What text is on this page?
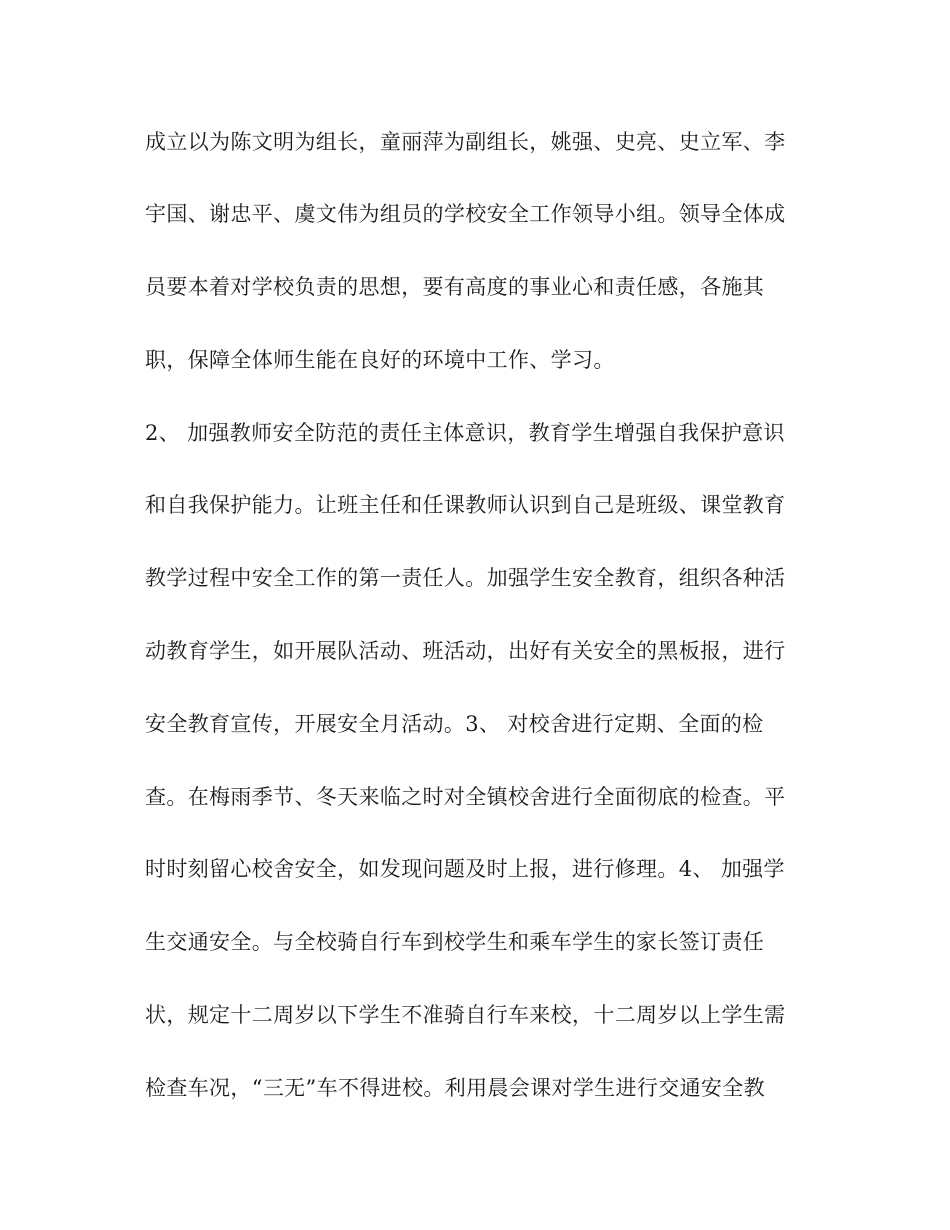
成立以为陈文明为组长，童丽萍为副组长，姚强、史亮、史立军、李
宇国、谢忠平、虞文伟为组员的学校安全工作领导小组。领导全体成
员要本着对学校负责的思想，要有高度的事业心和责任感，各施其
职，保障全体师生能在良好的环境中工作、学习。
2、 加强教师安全防范的责任主体意识，教育学生增强自我保护意识
和自我保护能力。让班主任和任课教师认识到自己是班级、课堂教育
教学过程中安全工作的第一责任人。加强学生安全教育，组织各种活
动教育学生，如开展队活动、班活动，出好有关安全的黑板报，进行
安全教育宣传，开展安全月活动。3、 对校舍进行定期、全面的检
查。在梅雨季节、冬天来临之时对全镇校舍进行全面彻底的检查。平
时时刻留心校舍安全，如发现问题及时上报，进行修理。4、 加强学
生交通安全。与全校骑自行车到校学生和乘车学生的家长签订责任
状，规定十二周岁以下学生不准骑自行车来校，十二周岁以上学生需
检查车况，“三无”车不得进校。利用晨会课对学生进行交通安全教
